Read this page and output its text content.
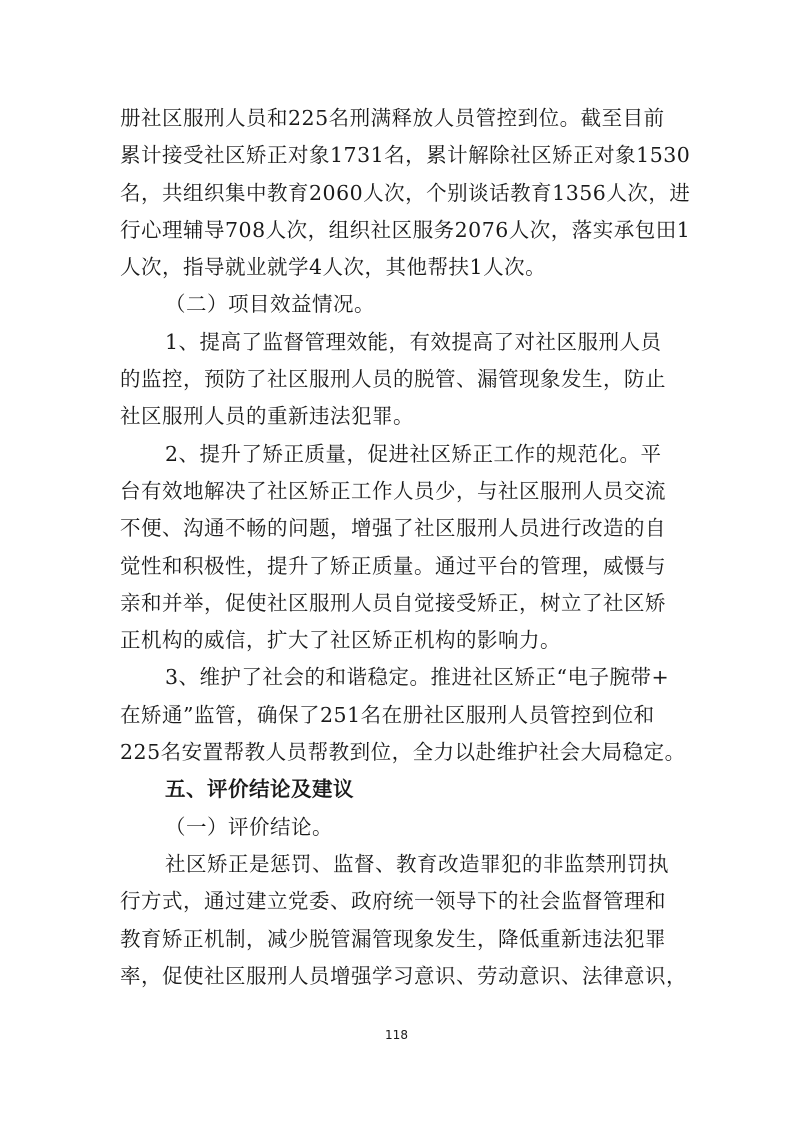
册社区服刑人员和225名刑满释放人员管控到位。截至目前
累计接受社区矫正对象1731名，累计解除社区矫正对象1530
名，共组织集中教育2060人次，个别谈话教育1356人次，进
行心理辅导708人次，组织社区服务2076人次，落实承包田1
人次，指导就业就学4人次，其他帮扶1人次。
（二）项目效益情况。
1、提高了监督管理效能，有效提高了对社区服刑人员
的监控，预防了社区服刑人员的脱管、漏管现象发生，防止
社区服刑人员的重新违法犯罪。
2、提升了矫正质量，促进社区矫正工作的规范化。平
台有效地解决了社区矫正工作人员少，与社区服刑人员交流
不便、沟通不畅的问题，增强了社区服刑人员进行改造的自
觉性和积极性，提升了矫正质量。通过平台的管理，威慑与
亲和并举，促使社区服刑人员自觉接受矫正，树立了社区矫
正机构的威信，扩大了社区矫正机构的影响力。
3、维护了社会的和谐稳定。推进社区矫正“电子腕带+
在矫通”监管，确保了251名在册社区服刑人员管控到位和
225名安置帮教人员帮教到位，全力以赴维护社会大局稳定。
五、评价结论及建议
（一）评价结论。
社区矫正是惩罚、监督、教育改造罪犯的非监禁刑罚执
行方式，通过建立党委、政府统一领导下的社会监督管理和
教育矫正机制，减少脱管漏管现象发生，降低重新违法犯罪
率，促使社区服刑人员增强学习意识、劳动意识、法律意识，
118
